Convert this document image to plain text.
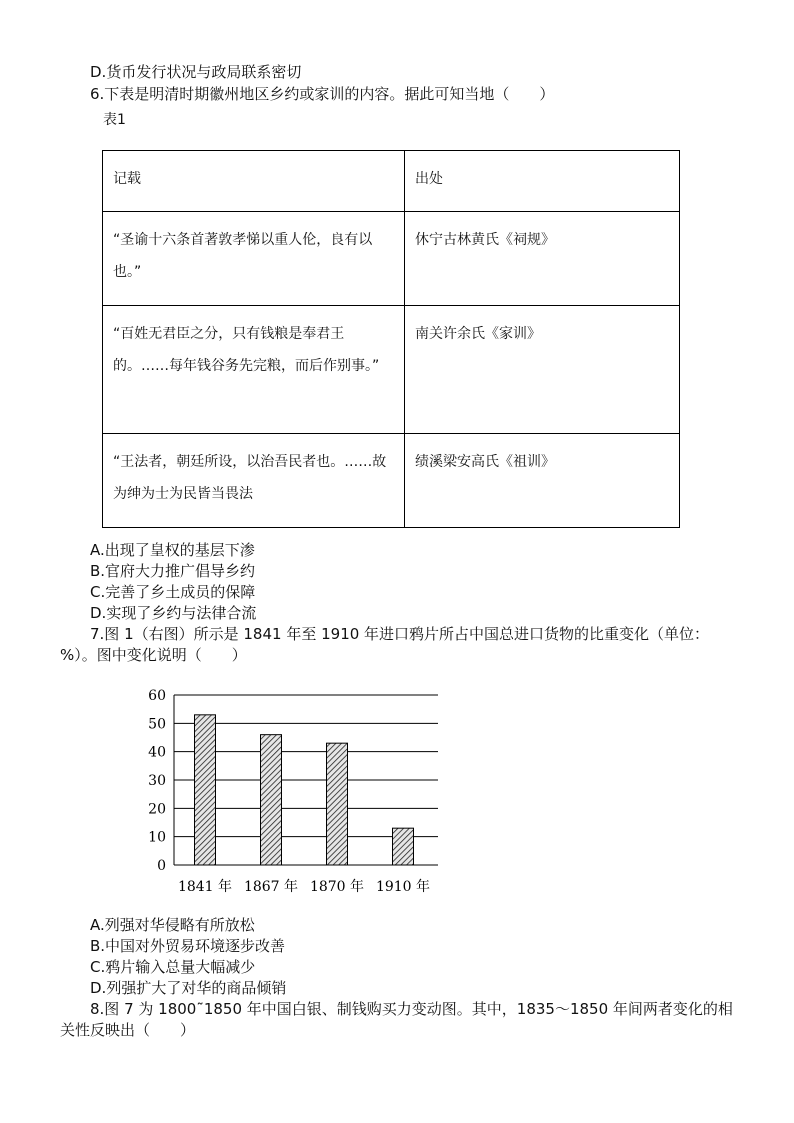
D.货币发行状况与政局联系密切
6.下表是明清时期徽州地区乡约或家训的内容。据此可知当地（　　）
表1
记载	出处
“圣谕十六条首著敦孝悌以重人伦，良有以也。”	休宁古林黄氏《祠规》
“百姓无君臣之分，只有钱粮是奉君王的。……每年钱谷务先完粮，而后作别事。”	南关许余氏《家训》
“王法者，朝廷所设，以治吾民者也。……故为绅为士为民皆当畏法	绩溪梁安高氏《祖训》
A.出现了皇权的基层下渗
B.官府大力推广倡导乡约
C.完善了乡土成员的保障
D.实现了乡约与法律合流
7.图 1（右图）所示是 1841 年至 1910 年进口鸦片所占中国总进口货物的比重变化（单位：
%）。图中变化说明（　　）
0
10
20
30
40
50
60
1841 年 1867 年 1870 年 1910 年
A.列强对华侵略有所放松
B.中国对外贸易环境逐步改善
C.鸦片输入总量大幅减少
D.列强扩大了对华的商品倾销
8.图 7 为 1800˜1850 年中国白银、制钱购买力变动图。其中，1835～1850 年间两者变化的相
关性反映出（　　）
